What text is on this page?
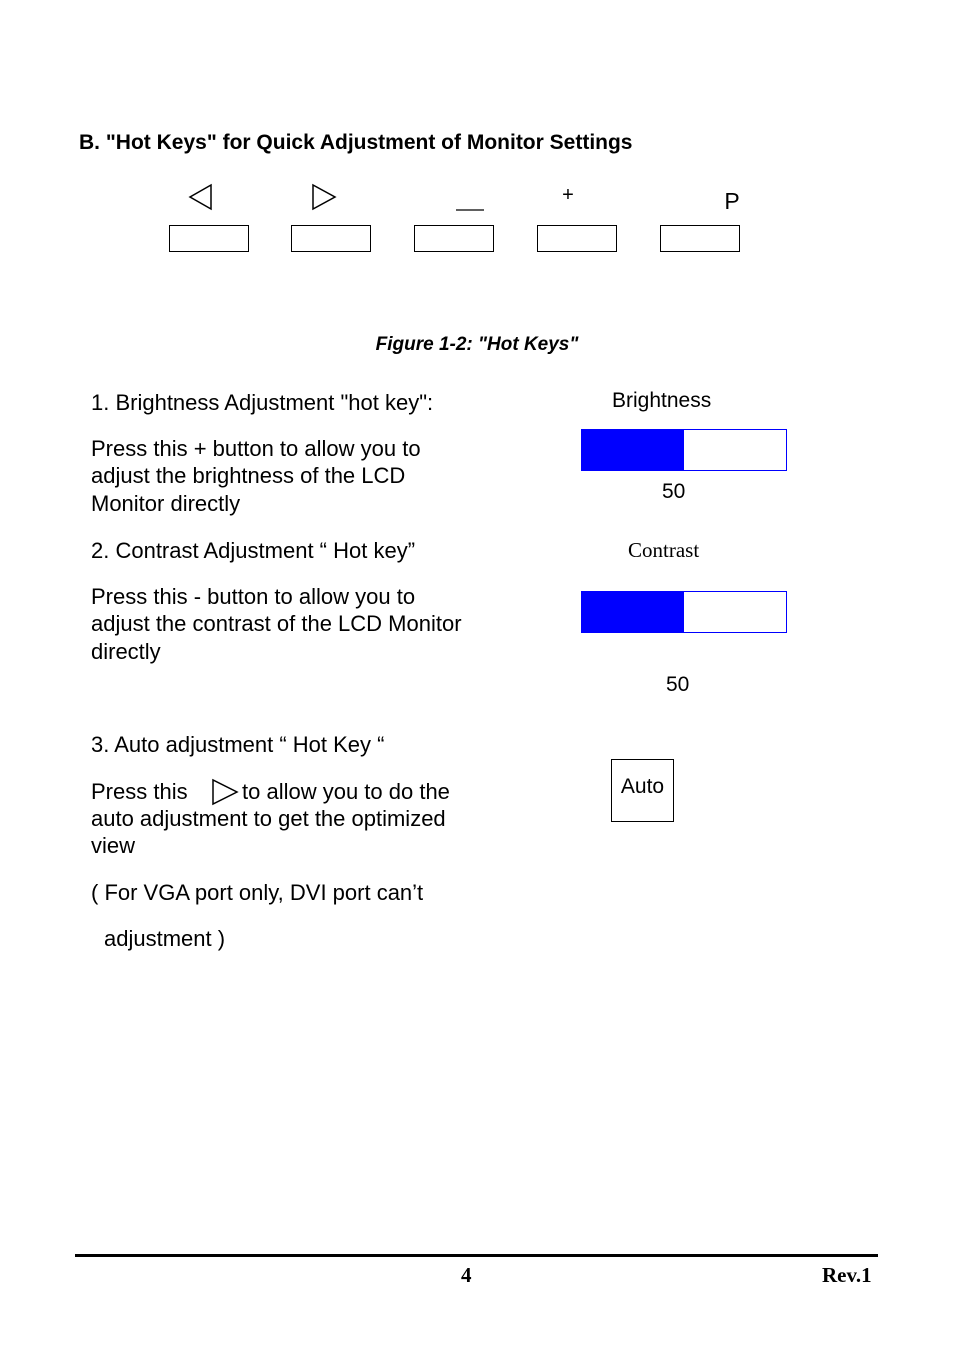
B. "Hot Keys" for Quick Adjustment of Monitor Settings
+	P
Figure 1-2: "Hot Keys"
1. Brightness Adjustment "hot key":
Press this + button to allow you to
adjust the brightness of the LCD
Monitor directly
Brightness
50
2. Contrast Adjustment “ Hot key”
Press this - button to allow you to
adjust the contrast of the LCD Monitor
directly
Contrast
50
3. Auto adjustment “ Hot Key “
Press this to allow you to do the
auto adjustment to get the optimized
view
( For VGA port only, DVI port can’t
adjustment )
Auto
4	Rev.1
